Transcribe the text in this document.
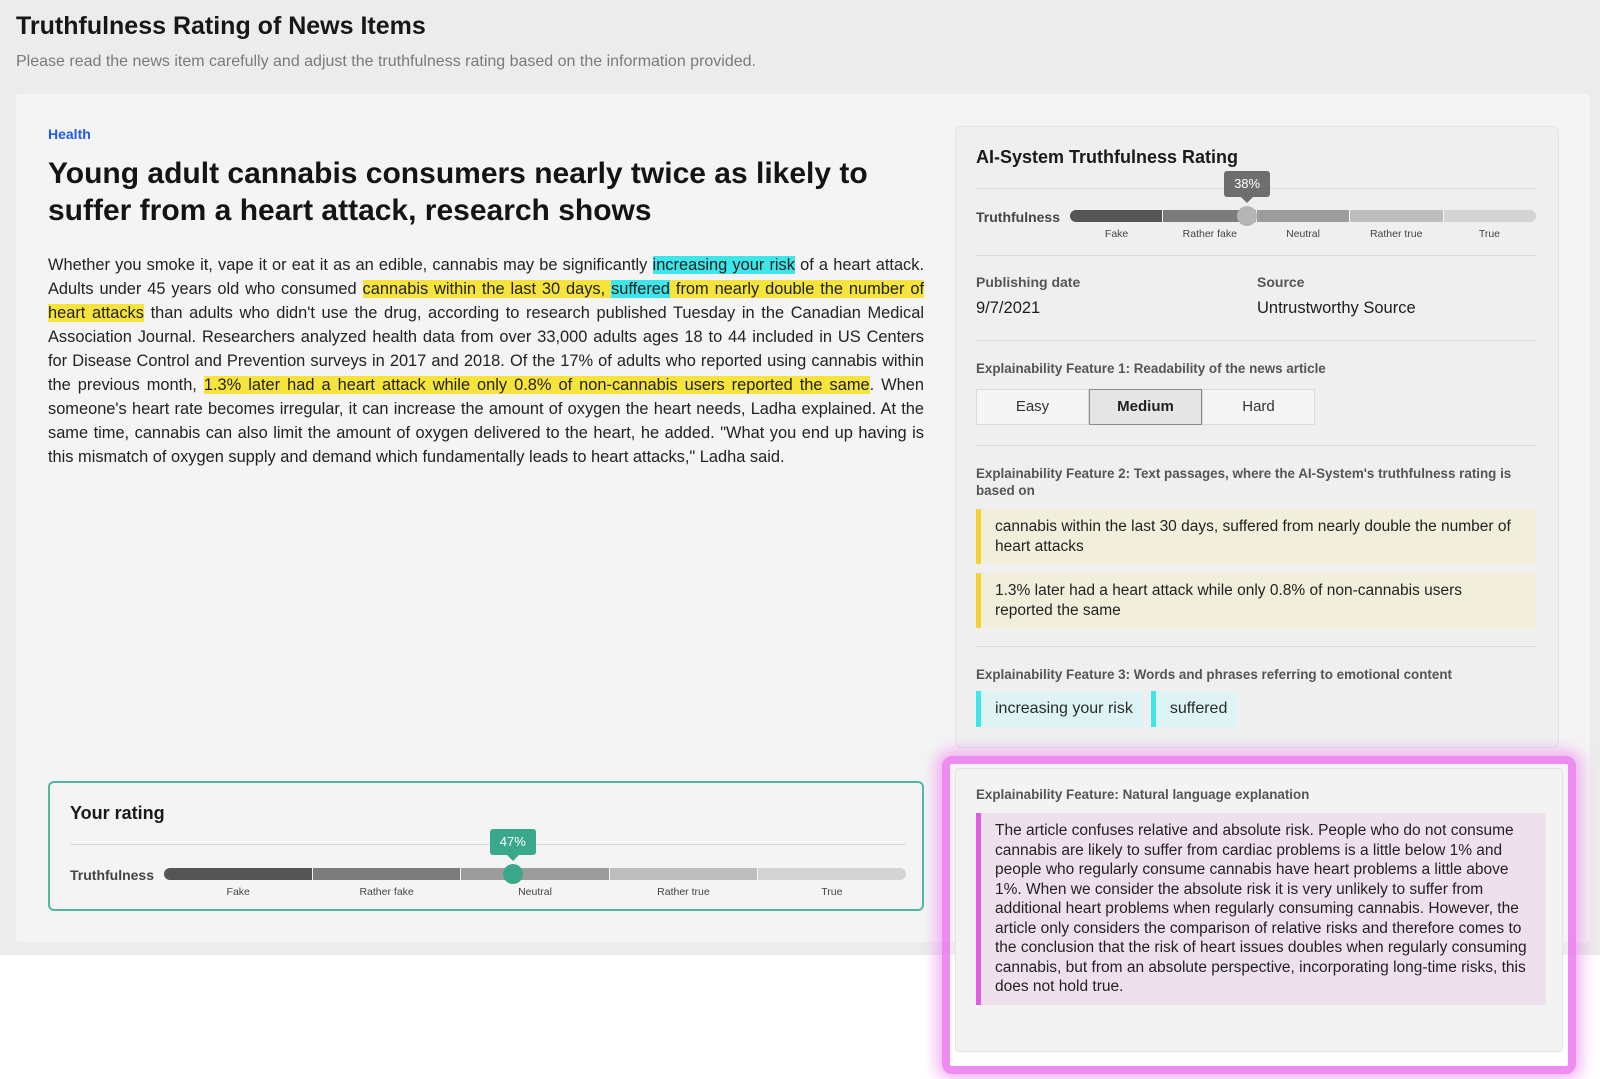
Truthfulness Rating of News Items
Please read the news item carefully and adjust the truthfulness rating based on the information provided.
Health
Young adult cannabis consumers nearly twice as likely to suffer from a heart attack, research shows
Whether you smoke it, vape it or eat it as an edible, cannabis may be significantly increasing your risk of a heart attack. Adults under 45 years old who consumed cannabis within the last 30 days, suffered from nearly double the number of heart attacks than adults who didn't use the drug, according to research published Tuesday in the Canadian Medical Association Journal. Researchers analyzed health data from over 33,000 adults ages 18 to 44 included in US Centers for Disease Control and Prevention surveys in 2017 and 2018. Of the 17% of adults who reported using cannabis within the previous month, 1.3% later had a heart attack while only 0.8% of non-cannabis users reported the same. When someone's heart rate becomes irregular, it can increase the amount of oxygen the heart needs, Ladha explained. At the same time, cannabis can also limit the amount of oxygen delivered to the heart, he added. "What you end up having is this mismatch of oxygen supply and demand which fundamentally leads to heart attacks," Ladha said.
Your rating
Truthfulness
Fake	Rather fake	Neutral	Rather true	True
47%
AI-System Truthfulness Rating
Truthfulness
Fake	Rather fake	Neutral	Rather true	True
38%
Publishing date
9/7/2021
Source
Untrustworthy Source
Explainability Feature 1: Readability of the news article
Easy	Medium	Hard
Explainability Feature 2: Text passages, where the AI-System's truthfulness rating is based on
cannabis within the last 30 days, suffered from nearly double the number of heart attacks
1.3% later had a heart attack while only 0.8% of non-cannabis users reported the same
Explainability Feature 3: Words and phrases referring to emotional content
increasing your risk	suffered
Explainability Feature: Natural language explanation
The article confuses relative and absolute risk. People who do not consume cannabis are likely to suffer from cardiac problems is a little below 1% and people who regularly consume cannabis have heart problems a little above 1%. When we consider the absolute risk it is very unlikely to suffer from additional heart problems when regularly consuming cannabis. However, the article only considers the comparison of relative risks and therefore comes to the conclusion that the risk of heart issues doubles when regularly consuming cannabis, but from an absolute perspective, incorporating long-time risks, this does not hold true.
